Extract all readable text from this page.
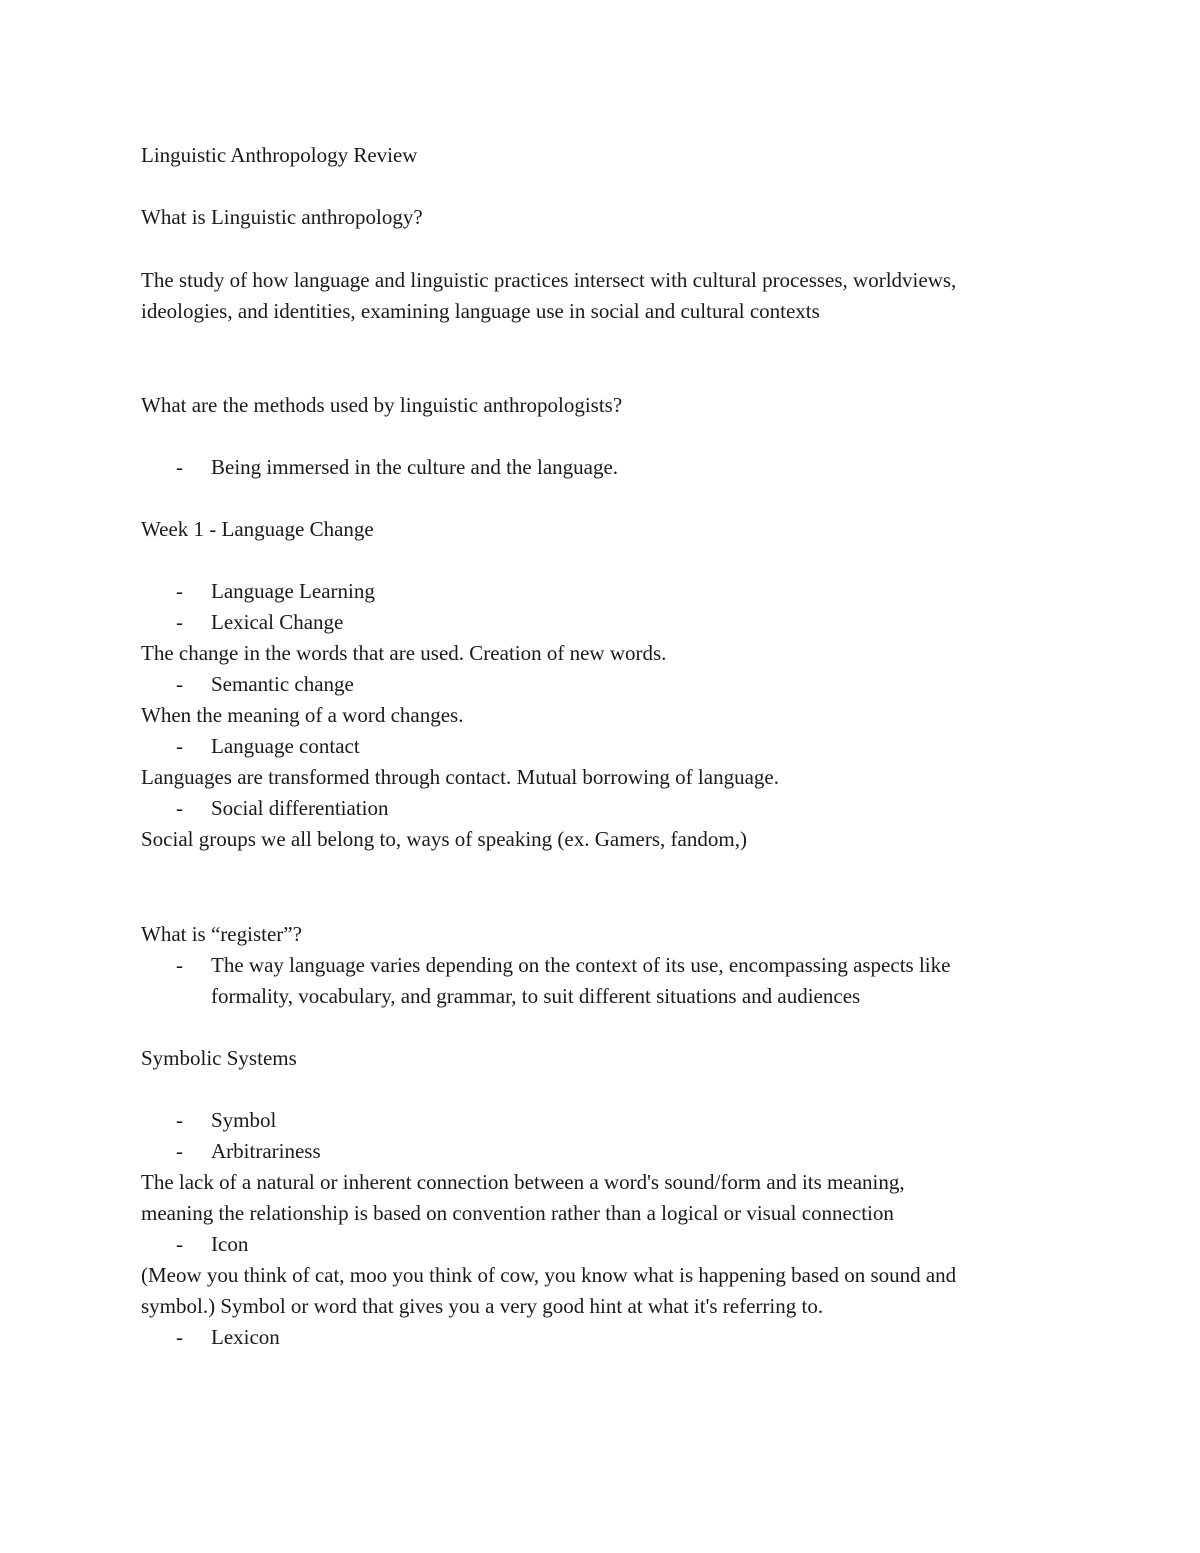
Linguistic Anthropology Review
What is Linguistic anthropology?
The study of how language and linguistic practices intersect with cultural processes, worldviews,
ideologies, and identities, examining language use in social and cultural contexts
What are the methods used by linguistic anthropologists?
- Being immersed in the culture and the language.
Week 1 - Language Change
- Language Learning
- Lexical Change
The change in the words that are used. Creation of new words.
- Semantic change
When the meaning of a word changes.
- Language contact
Languages are transformed through contact. Mutual borrowing of language.
- Social differentiation
Social groups we all belong to, ways of speaking (ex. Gamers, fandom,)
What is “register”?
- The way language varies depending on the context of its use, encompassing aspects like
formality, vocabulary, and grammar, to suit different situations and audiences
Symbolic Systems
- Symbol
- Arbitrariness
The lack of a natural or inherent connection between a word's sound/form and its meaning,
meaning the relationship is based on convention rather than a logical or visual connection
- Icon
(Meow you think of cat, moo you think of cow, you know what is happening based on sound and
symbol.) Symbol or word that gives you a very good hint at what it's referring to.
- Lexicon
